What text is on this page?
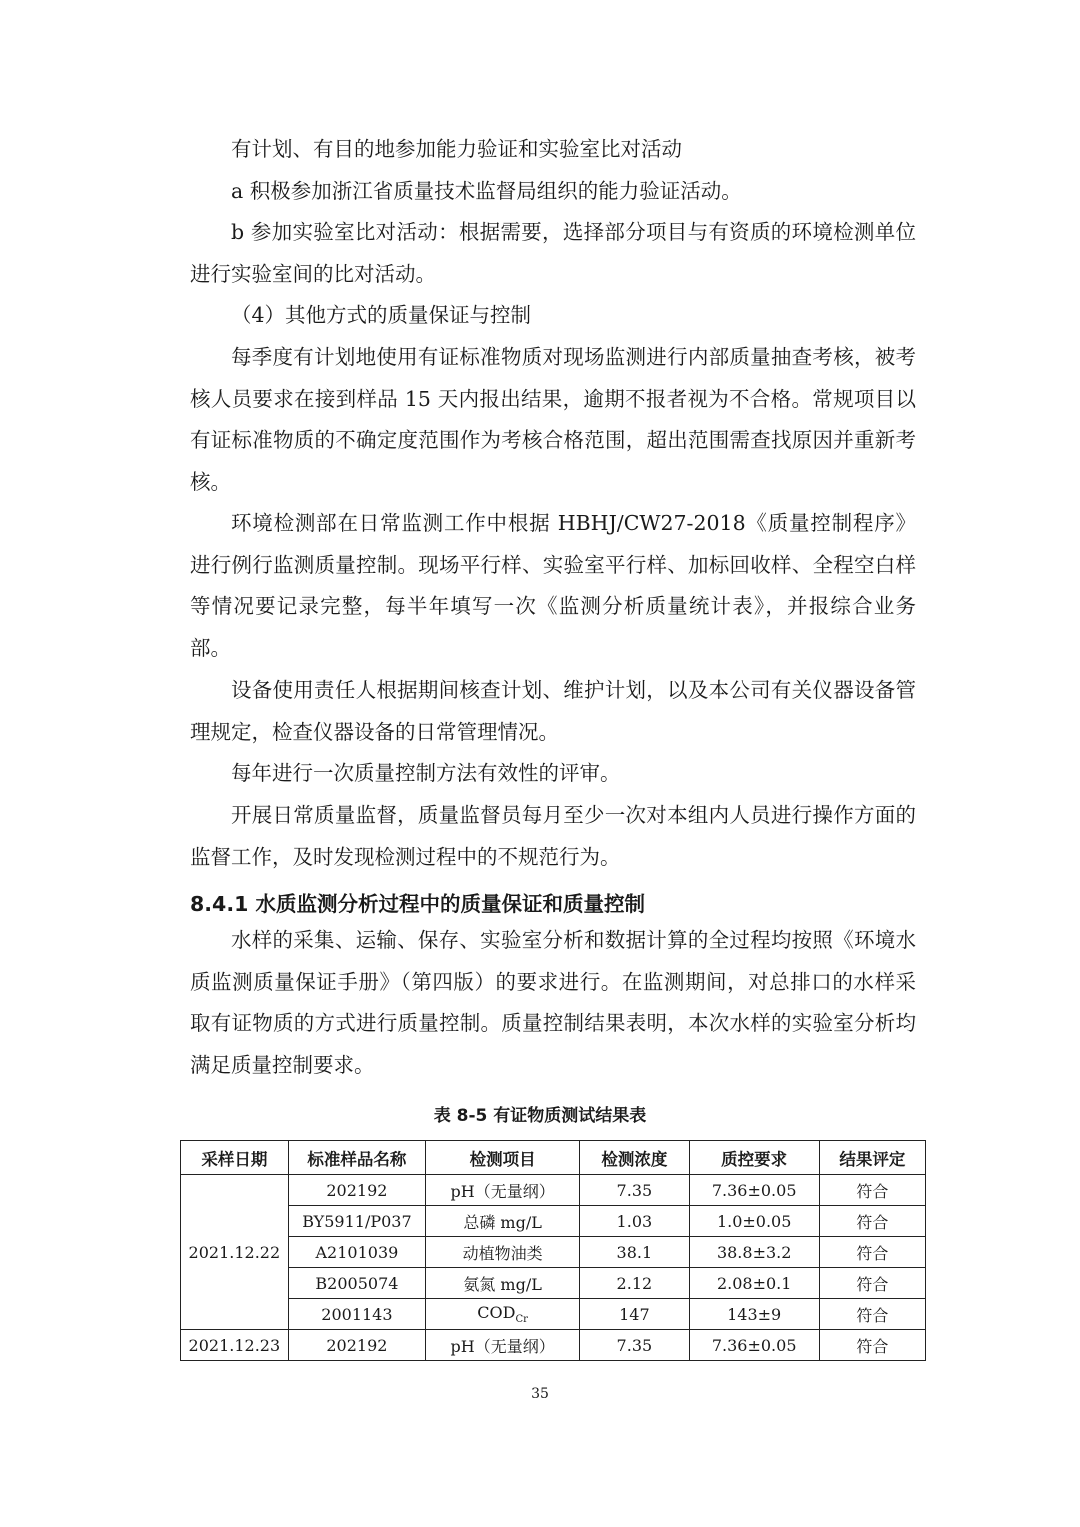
有计划、有目的地参加能力验证和实验室比对活动

a 积极参加浙江省质量技术监督局组织的能力验证活动。

b 参加实验室比对活动：根据需要，选择部分项目与有资质的环境检测单位进行实验室间的比对活动。

（4）其他方式的质量保证与控制

每季度有计划地使用有证标准物质对现场监测进行内部质量抽查考核，被考核人员要求在接到样品 15 天内报出结果，逾期不报者视为不合格。常规项目以有证标准物质的不确定度范围作为考核合格范围，超出范围需查找原因并重新考核。

环境检测部在日常监测工作中根据 HBHJ/CW27-2018《质量控制程序》进行例行监测质量控制。现场平行样、实验室平行样、加标回收样、全程空白样等情况要记录完整，每半年填写一次《监测分析质量统计表》，并报综合业务部。

设备使用责任人根据期间核查计划、维护计划，以及本公司有关仪器设备管理规定，检查仪器设备的日常管理情况。

每年进行一次质量控制方法有效性的评审。

开展日常质量监督，质量监督员每月至少一次对本组内人员进行操作方面的监督工作，及时发现检测过程中的不规范行为。

8.4.1 水质监测分析过程中的质量保证和质量控制

水样的采集、运输、保存、实验室分析和数据计算的全过程均按照《环境水质监测质量保证手册》（第四版）的要求进行。在监测期间，对总排口的水样采取有证物质的方式进行质量控制。质量控制结果表明，本次水样的实验室分析均满足质量控制要求。

表 8-5 有证物质测试结果表
采样日期	标准样品名称	检测项目	检测浓度	质控要求	结果评定
2021.12.22	202192	pH（无量纲）	7.35	7.36±0.05	符合
	BY5911/P037	总磷 mg/L	1.03	1.0±0.05	符合
	A2101039	动植物油类	38.1	38.8±3.2	符合
	B2005074	氨氮 mg/L	2.12	2.08±0.1	符合
	2001143	$COD_{Cr}$	147	143±9	符合
2021.12.23	202192	pH（无量纲）	7.35	7.36±0.05	符合
35
